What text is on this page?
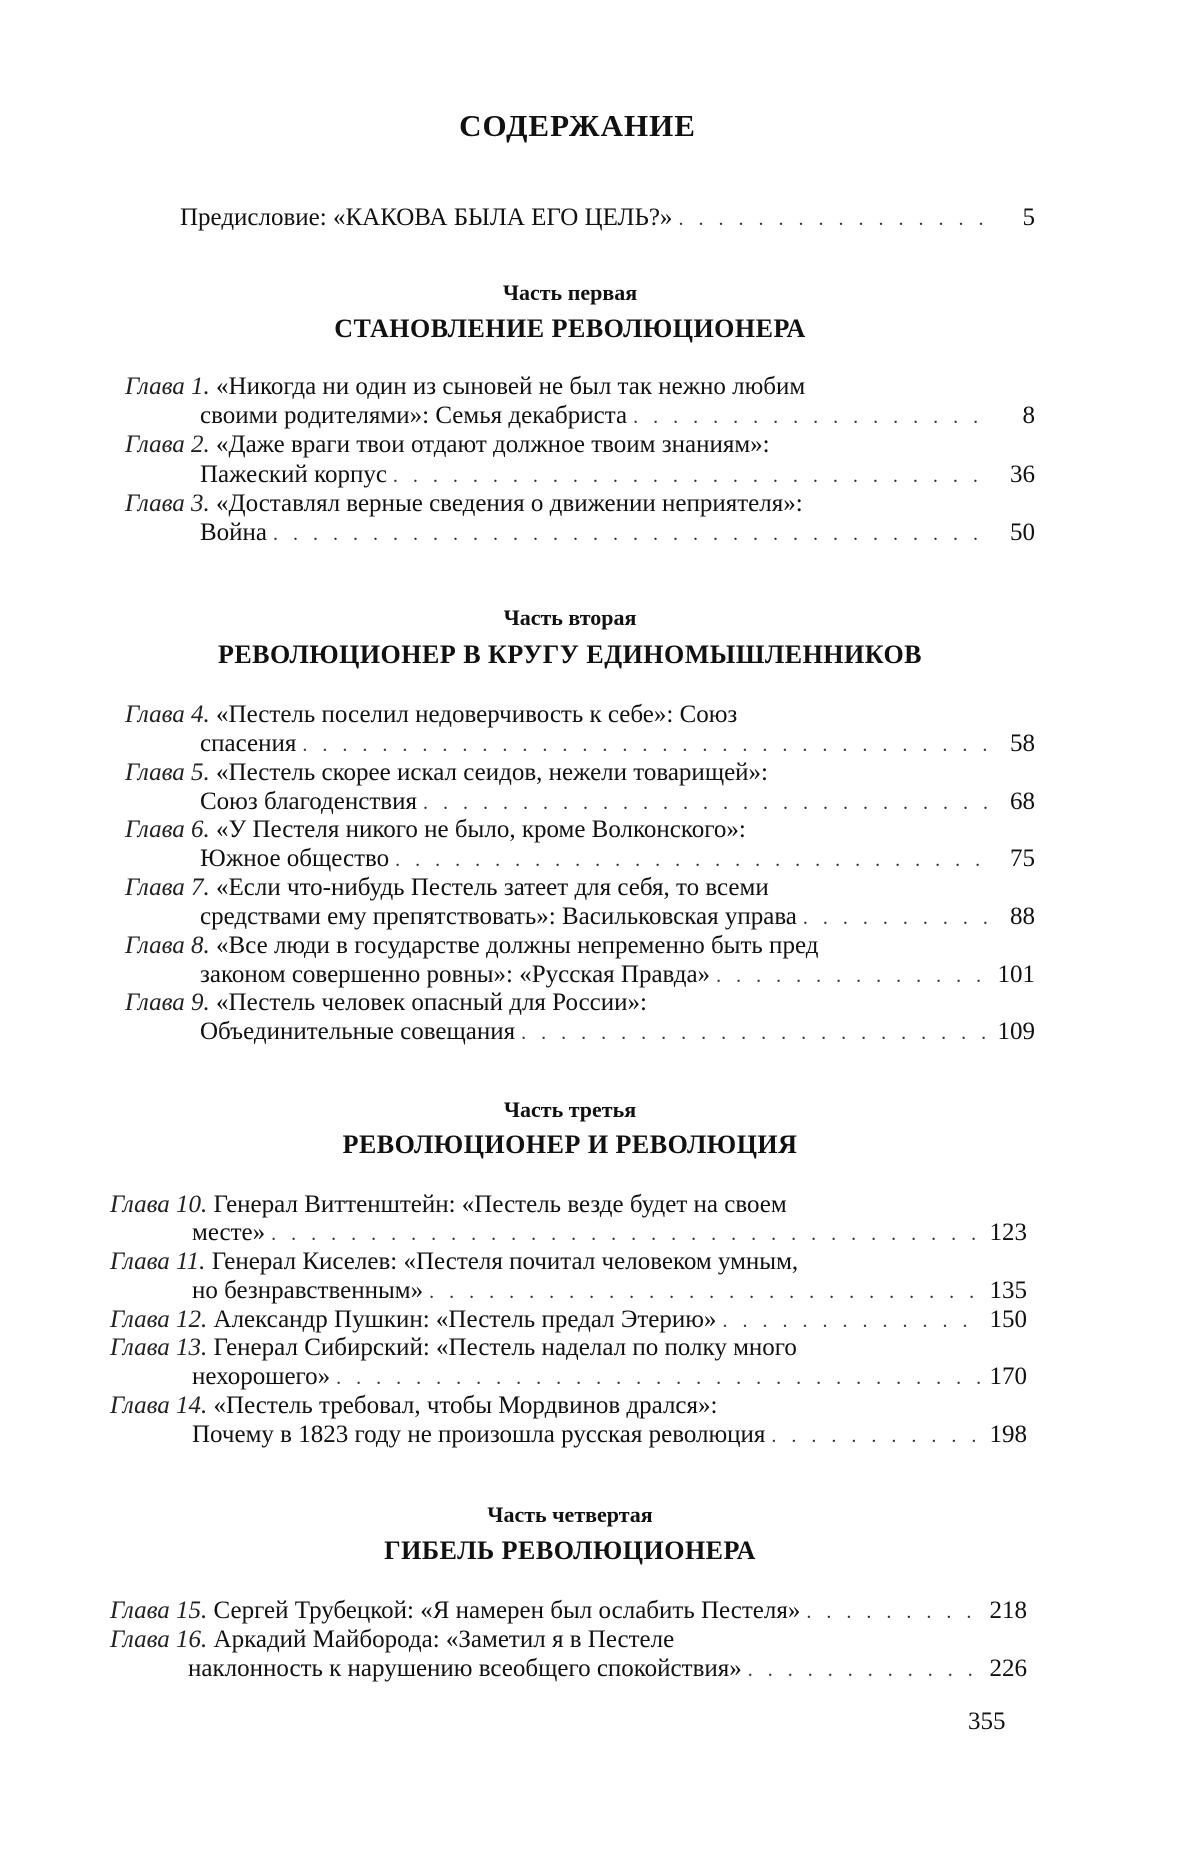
СОДЕРЖАНИЕ
Предисловие: «КАКОВА БЫЛА ЕГО ЦЕЛЬ?» . . .	5
Часть первая
СТАНОВЛЕНИЕ РЕВОЛЮЦИОНЕРА
Глава 1.
«Никогда ни один из сыновей не был так нежно любим
своими родителями»: Семья декабриста . . .	8
Глава 2.
«Даже враги твои отдают должное твоим знаниям»:
Пажеский корпус . . .	36
Глава 3.
«Доставлял верные сведения о движении неприятеля»:
Война . . .	50
Часть вторая
РЕВОЛЮЦИОНЕР В КРУГУ ЕДИНОМЫШЛЕННИКОВ
Глава 4.
«Пестель поселил недоверчивость к себе»: Союз
спасения . . .	58
Глава 5.
«Пестель скорее искал сеидов, нежели товарищей»:
Союз благоденствия . . .	68
Глава 6.
«У Пестеля никого не было, кроме Волконского»:
Южное общество . . .	75
Глава 7.
«Если что-нибудь Пестель затеет для себя, то всеми
средствами ему препятствовать»: Васильковская управа . . .	88
Глава 8.
«Все люди в государстве должны непременно быть пред
законом совершенно ровны»: «Русская Правда» . . .	101
Глава 9.
«Пестель человек опасный для России»:
Объединительные совещания . . .	109
Часть третья
РЕВОЛЮЦИОНЕР И РЕВОЛЮЦИЯ
Глава 10.
Генерал Виттенштейн: «Пестель везде будет на своем
месте» . . .	123
Глава 11.
Генерал Киселев: «Пестеля почитал человеком умным,
но безнравственным» . . .	135
Глава 12.
Александр Пушкин: «Пестель предал Этерию» . . .	150
Глава 13.
Генерал Сибирский: «Пестель наделал по полку много
нехорошего» . . .	170
Глава 14.
«Пестель требовал, чтобы Мордвинов дрался»:
Почему в 1823 году не произошла русская революция . . .	198
Часть четвертая
ГИБЕЛЬ РЕВОЛЮЦИОНЕРА
Глава 15.
Сергей Трубецкой: «Я намерен был ослабить Пестеля» . . .	218
Глава 16.
Аркадий Майбородa: «Заметил я в Пестеле
наклонность к нарушению всеобщего спокойствия» . . .	226
355
